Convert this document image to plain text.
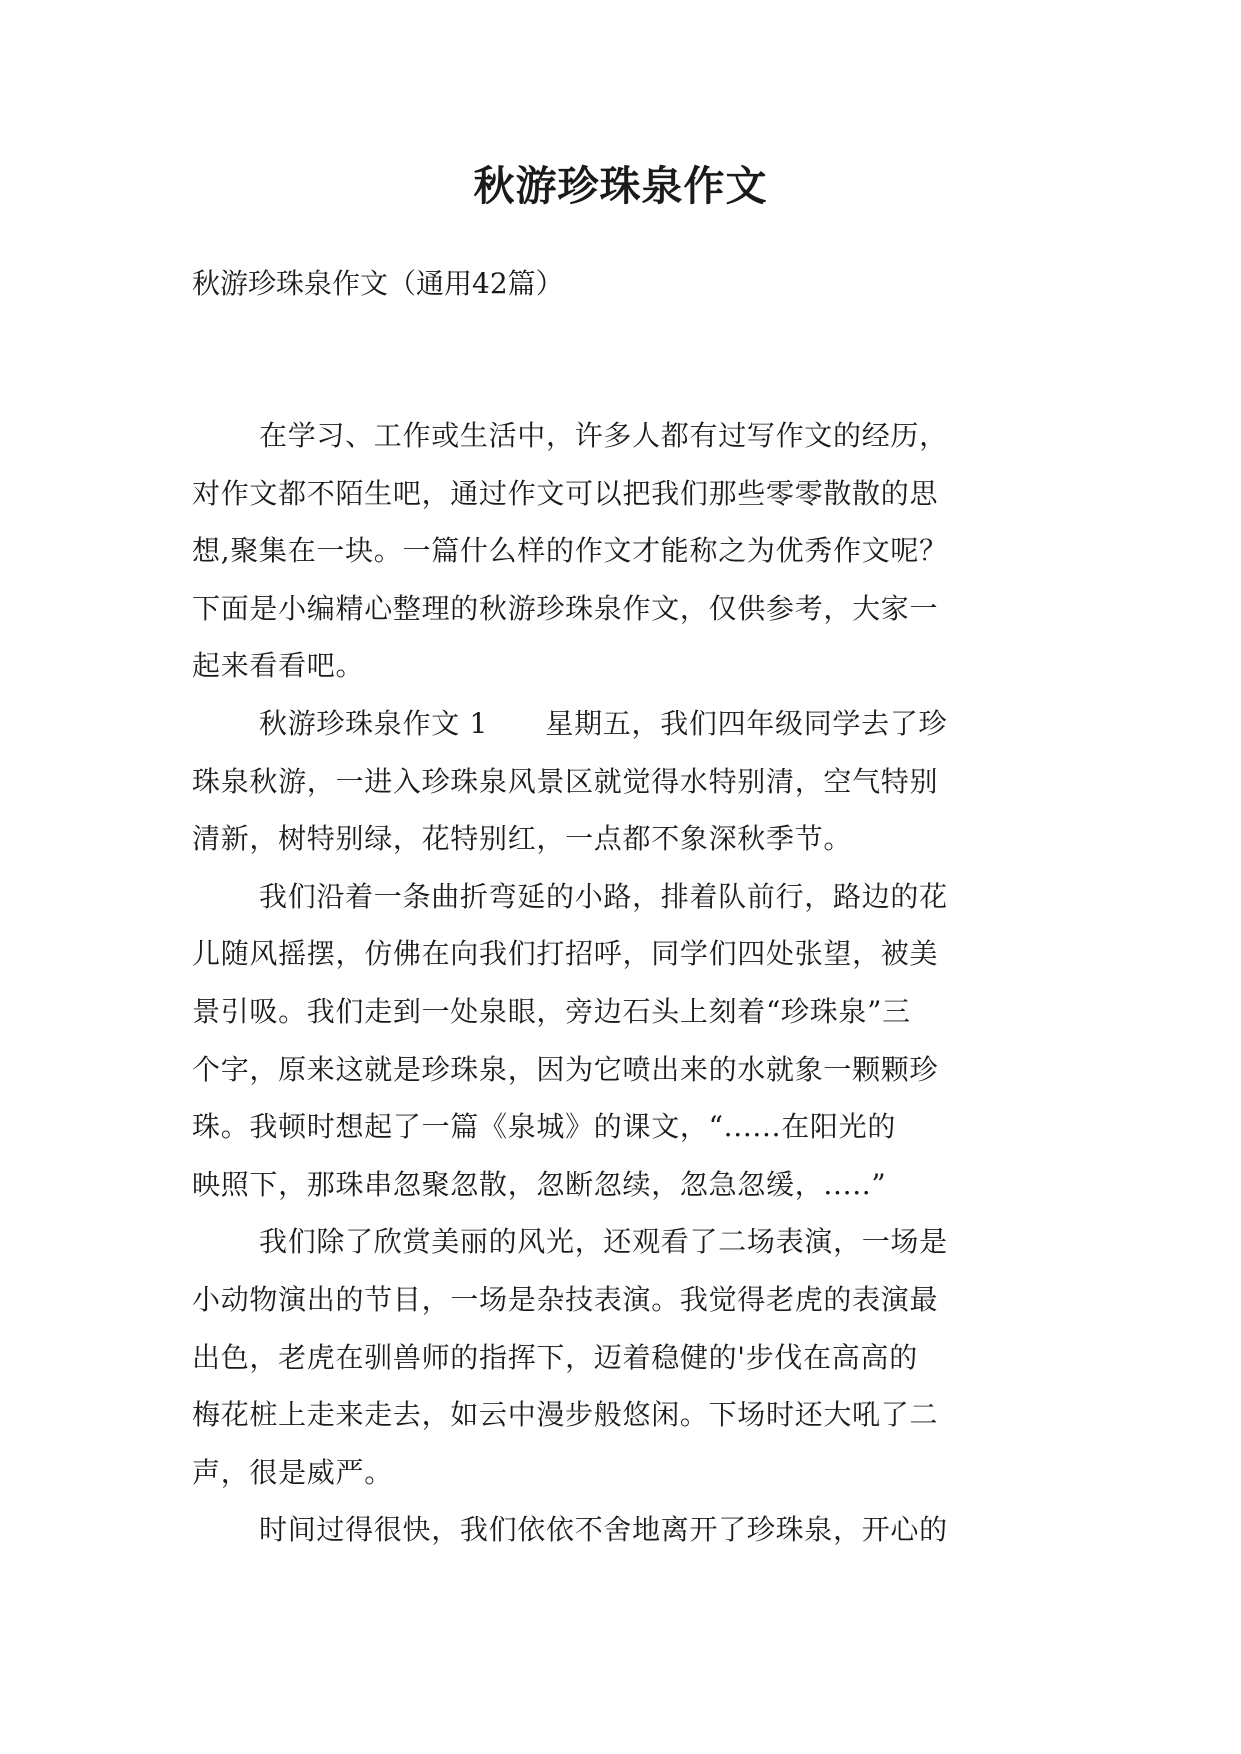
秋游珍珠泉作文

秋游珍珠泉作文（通用42篇）

在学习、工作或生活中，许多人都有过写作文的经历，
对作文都不陌生吧，通过作文可以把我们那些零零散散的思
想,聚集在一块。一篇什么样的作文才能称之为优秀作文呢？
下面是小编精心整理的秋游珍珠泉作文，仅供参考，大家一
起来看看吧。

秋游珍珠泉作文 1　　星期五，我们四年级同学去了珍
珠泉秋游，一进入珍珠泉风景区就觉得水特别清，空气特别
清新，树特别绿，花特别红，一点都不象深秋季节。

我们沿着一条曲折弯延的小路，排着队前行，路边的花
儿随风摇摆，仿佛在向我们打招呼，同学们四处张望，被美
景引吸。我们走到一处泉眼，旁边石头上刻着“珍珠泉”三
个字，原来这就是珍珠泉，因为它喷出来的水就象一颗颗珍
珠。我顿时想起了一篇《泉城》的课文，“......在阳光的
映照下，那珠串忽聚忽散，忽断忽续，忽急忽缓，.....”

我们除了欣赏美丽的风光，还观看了二场表演，一场是
小动物演出的节目，一场是杂技表演。我觉得老虎的表演最
出色，老虎在驯兽师的指挥下，迈着稳健的'步伐在高高的
梅花桩上走来走去，如云中漫步般悠闲。下场时还大吼了二
声，很是威严。

时间过得很快，我们依依不舍地离开了珍珠泉，开心的
